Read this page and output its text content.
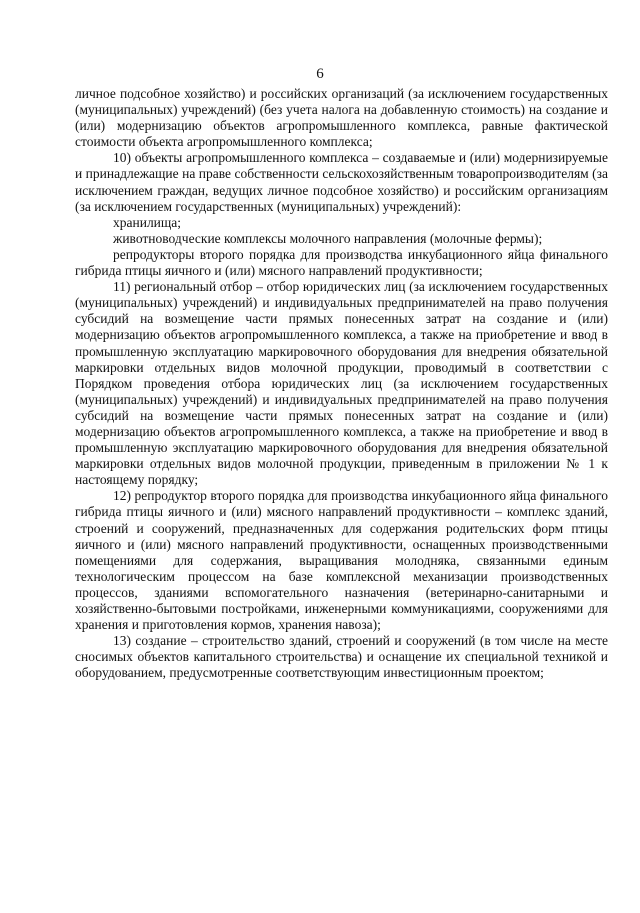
6

личное подсобное хозяйство) и российских организаций (за исключением государственных (муниципальных) учреждений) (без учета налога на добавленную стоимость) на создание и (или) модернизацию объектов агропромышленного комплекса, равные фактической стоимости объекта агропромышленного комплекса;

10) объекты агропромышленного комплекса – создаваемые и (или) модернизируемые и принадлежащие на праве собственности сельскохозяйственным товаропроизводителям (за исключением граждан, ведущих личное подсобное хозяйство) и российским организациям (за исключением государственных (муниципальных) учреждений):

хранилища;

животноводческие комплексы молочного направления (молочные фермы);

репродукторы второго порядка для производства инкубационного яйца финального гибрида птицы яичного и (или) мясного направлений продуктивности;

11) региональный отбор – отбор юридических лиц (за исключением государственных (муниципальных) учреждений) и индивидуальных предпринимателей на право получения субсидий на возмещение части прямых понесенных затрат на создание и (или) модернизацию объектов агропромышленного комплекса, а также на приобретение и ввод в промышленную эксплуатацию маркировочного оборудования для внедрения обязательной маркировки отдельных видов молочной продукции, проводимый в соответствии с Порядком проведения отбора юридических лиц (за исключением государственных (муниципальных) учреждений) и индивидуальных предпринимателей на право получения субсидий на возмещение части прямых понесенных затрат на создание и (или) модернизацию объектов агропромышленного комплекса, а также на приобретение и ввод в промышленную эксплуатацию маркировочного оборудования для внедрения обязательной маркировки отдельных видов молочной продукции, приведенным в приложении № 1 к настоящему порядку;

12) репродуктор второго порядка для производства инкубационного яйца финального гибрида птицы яичного и (или) мясного направлений продуктивности – комплекс зданий, строений и сооружений, предназначенных для содержания родительских форм птицы яичного и (или) мясного направлений продуктивности, оснащенных производственными помещениями для содержания, выращивания молодняка, связанными единым технологическим процессом на базе комплексной механизации производственных процессов, зданиями вспомогательного назначения (ветеринарно-санитарными и хозяйственно-бытовыми постройками, инженерными коммуникациями, сооружениями для хранения и приготовления кормов, хранения навоза);

13) создание – строительство зданий, строений и сооружений (в том числе на месте сносимых объектов капитального строительства) и оснащение их специальной техникой и оборудованием, предусмотренные соответствующим инвестиционным проектом;
